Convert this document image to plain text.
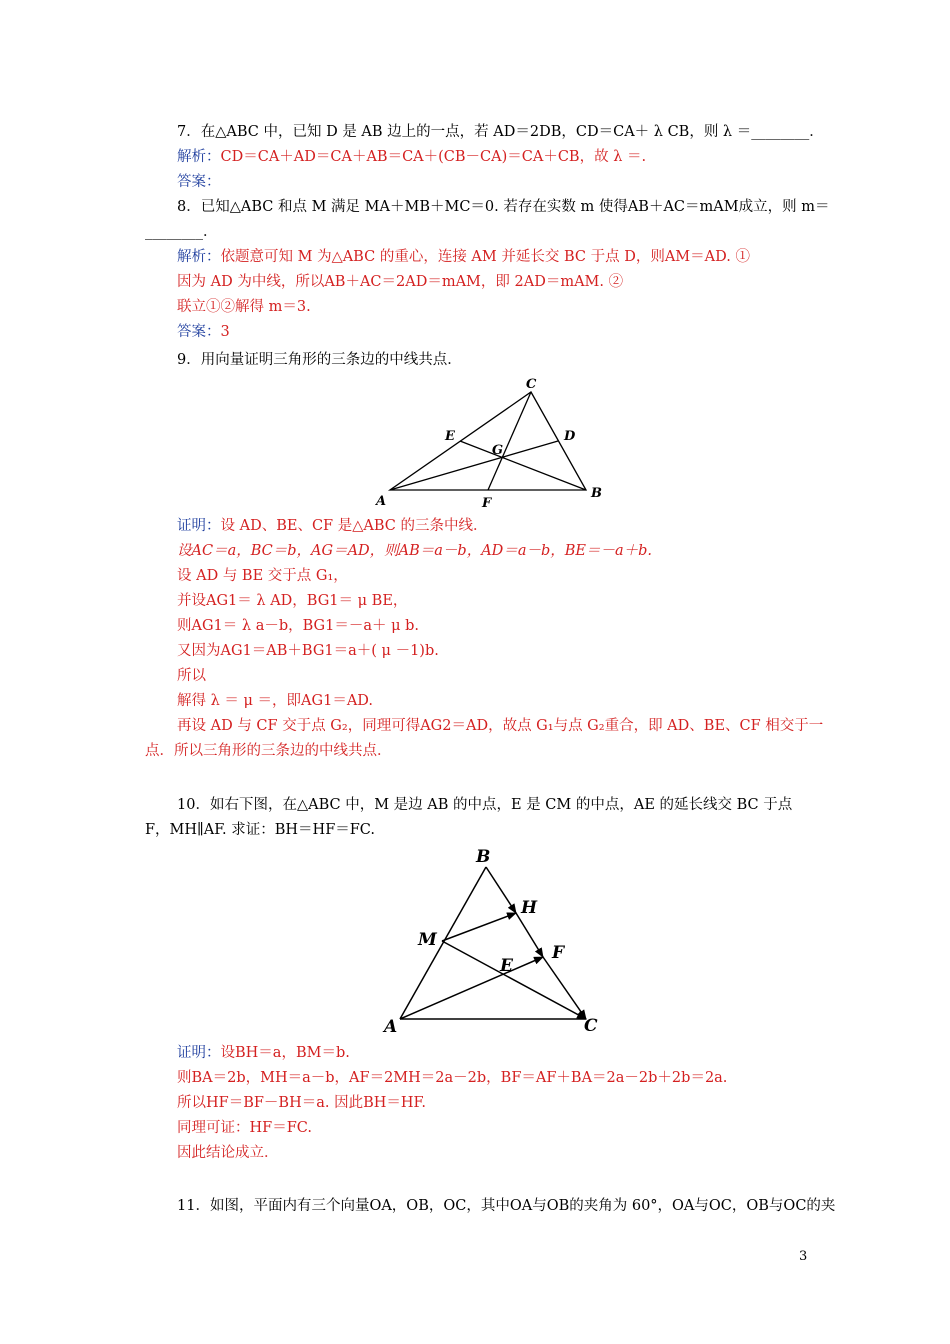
7．在△ABC 中，已知 D 是 AB 边上的一点，若 AD＝2DB，CD＝CA＋ λ CB，则 λ ＝________．
解析：CD＝CA＋AD＝CA＋AB＝CA＋(CB－CA)＝CA＋CB，故 λ ＝.
答案：
8．已知△ABC 和点 M 满足 MA＋MB＋MC＝0. 若存在实数 m 使得AB＋AC＝mAM成立，则 m＝
________．
解析：依题意可知 M 为△ABC 的重心，连接 AM 并延长交 BC 于点 D，则AM＝AD. ①
因为 AD 为中线，所以AB＋AC＝2AD＝mAM，即 2AD＝mAM. ②
联立①②解得 m＝3.
答案：3
9．用向量证明三角形的三条边的中线共点．
A
B
C
D
E
F
G
证明：设 AD、BE、CF 是△ABC 的三条中线．
设AC＝a，BC＝b，AG＝AD，则AB＝a－b，AD＝a－b，BE＝－a＋b.
设 AD 与 BE 交于点 G₁，
并设AG1＝ λ AD，BG1＝ μ BE，
则AG1＝ λ a－b，BG1＝－a＋ μ b.
又因为AG1＝AB＋BG1＝a＋( μ －1)b.
所以
解得 λ ＝ μ ＝，即AG1＝AD.
再设 AD 与 CF 交于点 G₂，同理可得AG2＝AD，故点 G₁与点 G₂重合，即 AD、BE、CF 相交于一
点．所以三角形的三条边的中线共点．
10．如右下图，在△ABC 中，M 是边 AB 的中点，E 是 CM 的中点，AE 的延长线交 BC 于点
F，MH∥AF. 求证：BH＝HF＝FC.
B
H
M
F
E
A	C
证明：设BH＝a，BM＝b.
则BA＝2b，MH＝a－b，AF＝2MH＝2a－2b，BF＝AF＋BA＝2a－2b＋2b＝2a.
所以HF＝BF－BH＝a. 因此BH＝HF.
同理可证：HF＝FC.
因此结论成立．
11．如图，平面内有三个向量OA，OB，OC，其中OA与OB的夹角为 60°，OA与OC，OB与OC的夹
3
